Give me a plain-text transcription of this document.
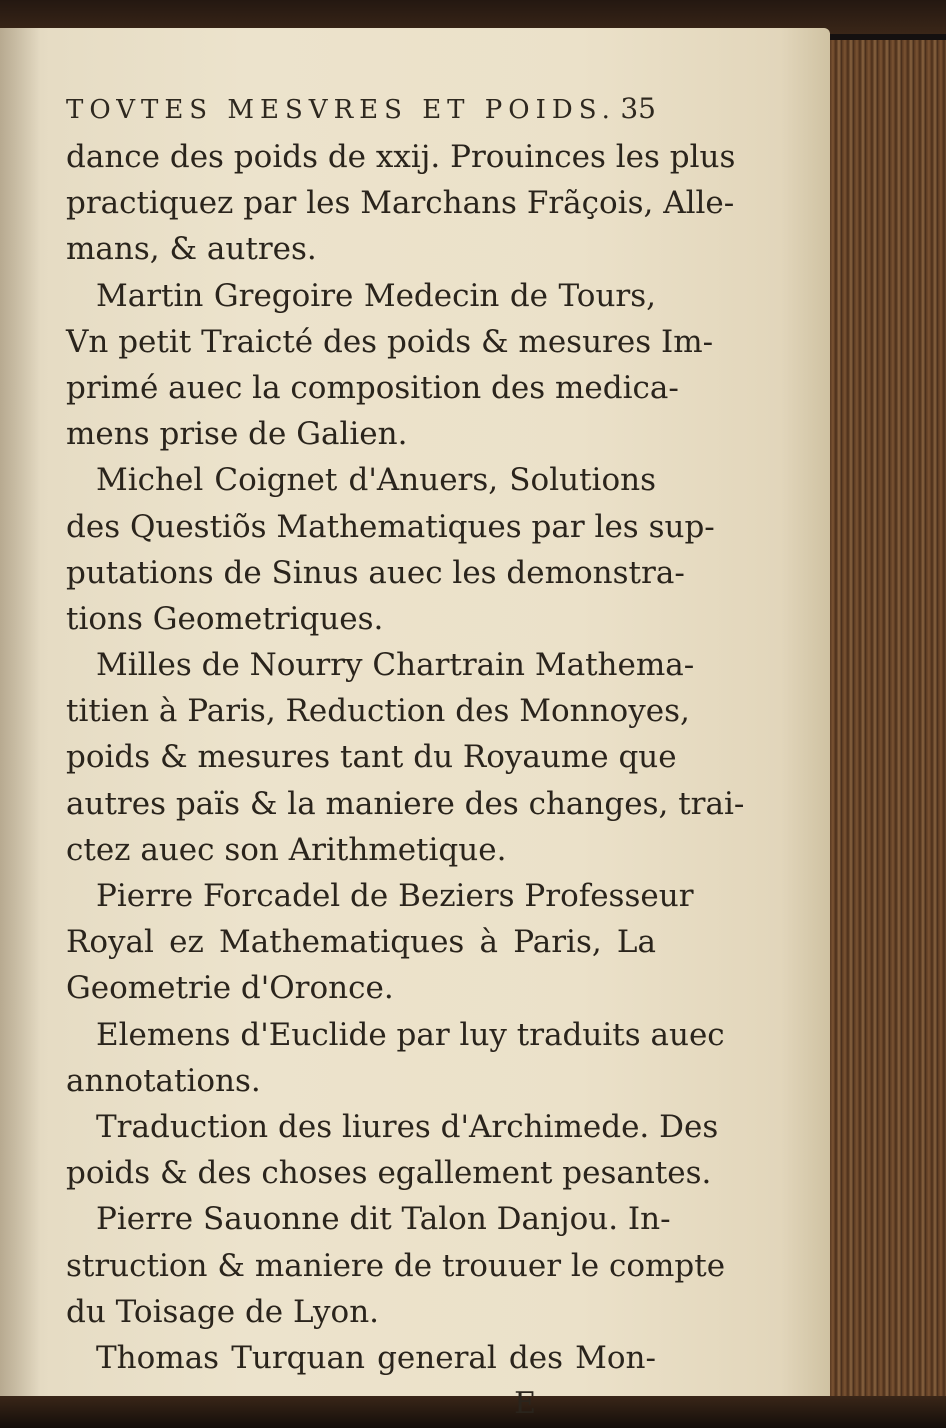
TOVTES MESVRES ET POIDS. 35
dance des poids de xxij. Prouinces les plus
practiquez par les Marchans Frãçois, Alle-
mans, & autres.
Martin Gregoire Medecin de Tours,
Vn petit Traicté des poids & mesures Im-
primé auec la composition des medica-
mens prise de Galien.
Michel Coignet d'Anuers, Solutions
des Questiõs Mathematiques par les sup-
putations de Sinus auec les demonstra-
tions Geometriques.
Milles de Nourry Chartrain Mathema-
titien à Paris, Reduction des Monnoyes,
poids & mesures tant du Royaume que
autres païs & la maniere des changes, trai-
ctez auec son Arithmetique.
Pierre Forcadel de Beziers Professeur
Royal ez Mathematiques à Paris, La
Geometrie d'Oronce.
Elemens d'Euclide par luy traduits auec
annotations.
Traduction des liures d'Archimede. Des
poids & des choses egallement pesantes.
Pierre Sauonne dit Talon Danjou. In-
struction & maniere de trouuer le compte
du Toisage de Lyon.
Thomas Turquan general des Mon-
E
